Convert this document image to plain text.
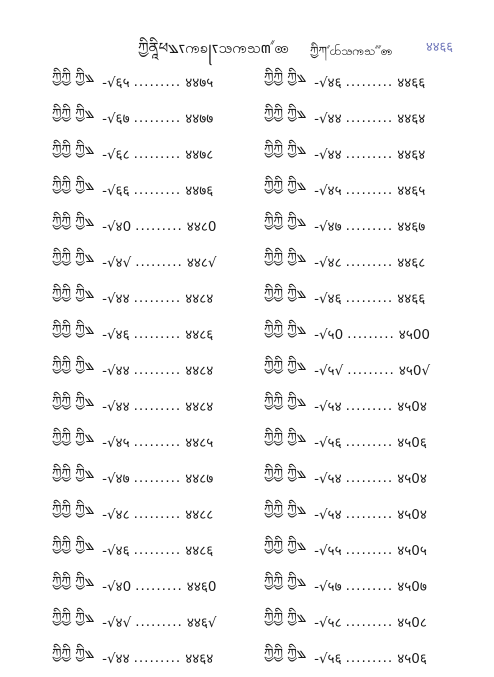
ཀྱིནཱིཕ꧉ꧏꧩꧠ꧊ꧏꧢꧩꧡ꧟ꧦꧮ ཀྱིཀꧦꧤꧢꧩꧡꧦꧦꧭ	४४६६
ཀྱིཀྱི ཀྱི꧉ -√६५ ......... ४४७५
ཀྱིཀྱི ཀྱི꧉ -√६७ ......... ४४७७
ཀྱིཀྱི ཀྱི꧉ -√६८ ......... ४४७८
ཀྱིཀྱི ཀྱི꧉ -√६६ ......... ४४७६
ཀྱིཀྱི ཀྱི꧉ -√४0 ......... ४४८0
ཀྱིཀྱི ཀྱི꧉ -√४√ ......... ४४८√
ཀྱིཀྱི ཀྱི꧉ -√४४ ......... ४४८४
ཀྱིཀྱི ཀྱི꧉ -√४६ ......... ४४८६
ཀྱིཀྱི ཀྱི꧉ -√४४ ......... ४४८४
ཀྱིཀྱི ཀྱི꧉ -√४४ ......... ४४८४
ཀྱིཀྱི ཀྱི꧉ -√४५ ......... ४४८५
ཀྱིཀྱི ཀྱི꧉ -√४७ ......... ४४८७
ཀྱིཀྱི ཀྱི꧉ -√४८ ......... ४४८८
ཀྱིཀྱི ཀྱི꧉ -√४६ ......... ४४८६
ཀྱིཀྱི ཀྱི꧉ -√४0 ......... ४४६0
ཀྱིཀྱི ཀྱི꧉ -√४√ ......... ४४६√
ཀྱིཀྱི ཀྱི꧉ -√४४ ......... ४४६४
ཀྱིཀྱི ཀྱི꧉ -√४६ ......... ४४६६
ཀྱིཀྱི ཀྱི꧉ -√४४ ......... ४४६४
ཀྱིཀྱི ཀྱི꧉ -√४४ ......... ४४६४
ཀྱིཀྱི ཀྱི꧉ -√४५ ......... ४४६५
ཀྱིཀྱི ཀྱི꧉ -√४७ ......... ४४६७
ཀྱིཀྱི ཀྱི꧉ -√४८ ......... ४४६८
ཀྱིཀྱི ཀྱི꧉ -√४६ ......... ४४६६
ཀྱིཀྱི ཀྱི꧉ -√५0 ......... ४५00
ཀྱིཀྱི ཀྱི꧉ -√५√ ......... ४५0√
ཀྱིཀྱི ཀྱི꧉ -√५४ ......... ४५0४
ཀྱིཀྱི ཀྱི꧉ -√५६ ......... ४५0६
ཀྱིཀྱི ཀྱི꧉ -√५४ ......... ४५0४
ཀྱིཀྱི ཀྱི꧉ -√५४ ......... ४५0४
ཀྱིཀྱི ཀྱི꧉ -√५५ ......... ४५0५
ཀྱིཀྱི ཀྱི꧉ -√५७ ......... ४५0७
ཀྱིཀྱི ཀྱི꧉ -√५८ ......... ४५0८
ཀྱིཀྱི ཀྱི꧉ -√५६ ......... ४५0६
